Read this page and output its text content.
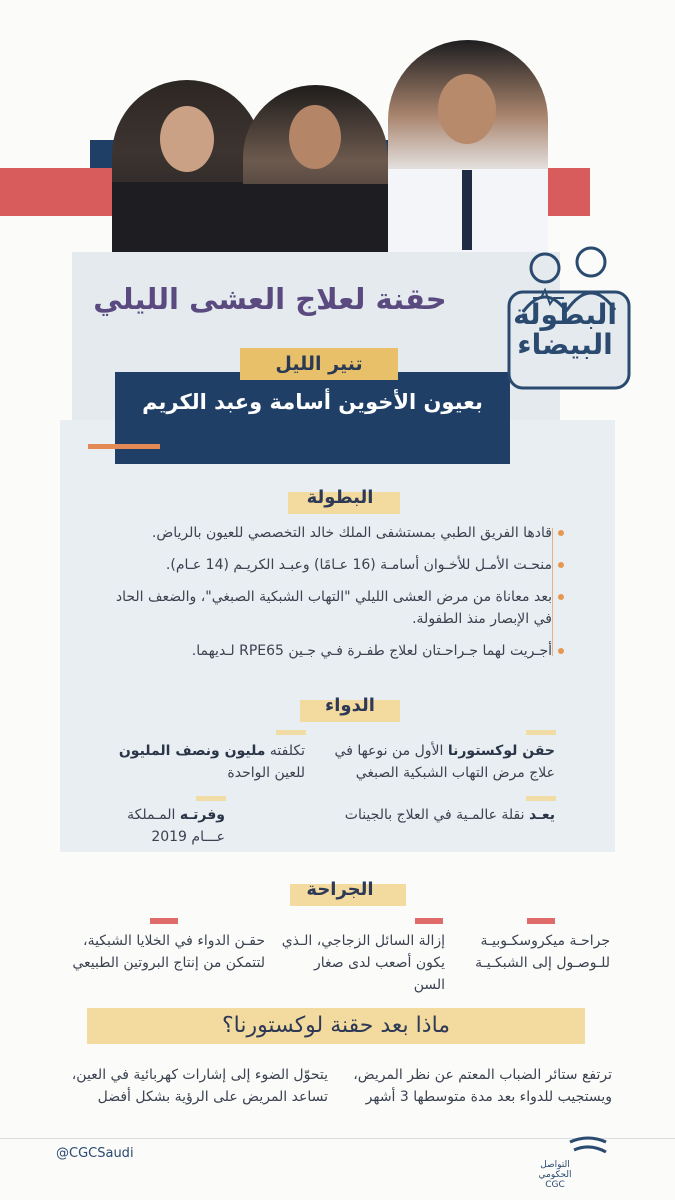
حقنة لعلاج العشى الليلي
بعيون الأخوين أسامة وعبد الكريم
تنير الليل
البطولة
البيضاء
البطولة
قادها الفريق الطبي بمستشفى الملك خالد التخصصي للعيون بالرياض.
منحـت الأمـل للأخـوان أسامـة (16 عـامًا) وعبـد الكريـم (14 عـام).
بعد معاناة من مرض العشى الليلي "التهاب الشبكية الصبغي"، والضعف الحاد في الإبصار منذ الطفولة.
أجـريت لهما جـراحـتان لعلاج طفـرة فـي جـين RPE65 لـديهما.
الدواء
حقن لوكستورنا الأول من نوعها في علاج مرض التهاب الشبكية الصبغي
تكلفته مليون ونصف المليون للعين الواحدة
يعـد نقلة عالمـية في العلاج بالجينات
وفرتـه المـملكة عـــام 2019
الجراحة
جراحـة ميكروسكـوبيـة للـوصـول إلى الشبكـيـة
إزالة السائل الزجاجي، الـذي يكون أصعب لدى صغار السن
حقـن الدواء في الخلايا الشبكية، لتتمكن من إنتاج البروتين الطبيعي
ماذا بعد حقنة لوكستورنا؟
ترتفع ستائر الضباب المعتم عن نظر المريض، ويستجيب للدواء بعد مدة متوسطها 3 أشهر
يتحوّل الضوء إلى إشارات كهربائية في العين، تساعد المريض على الرؤية بشكل أفضل
@CGCSaudi
التواصل
الحكومي
CGC
